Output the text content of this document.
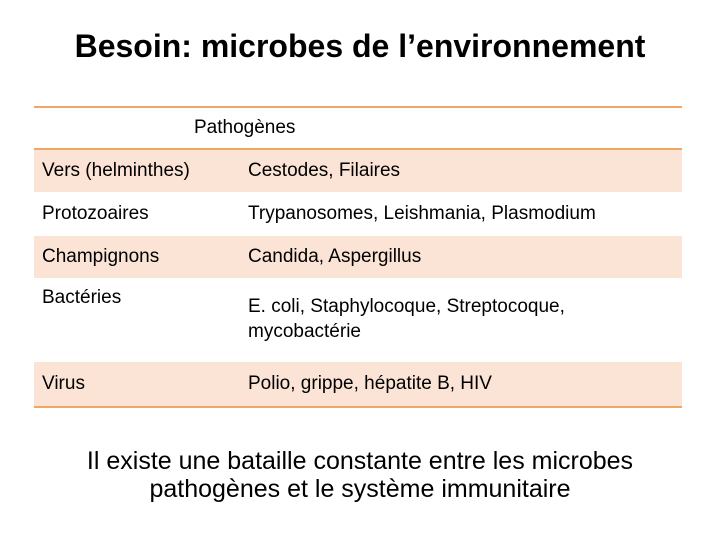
Besoin: microbes de l’environnement
Pathogènes	
Vers (helminthes)	Cestodes, Filaires
Protozoaires	Trypanosomes, Leishmania, Plasmodium
Champignons	Candida, Aspergillus
Bactéries	E. coli, Staphylocoque, Streptocoque, mycobactérie
Virus	Polio, grippe, hépatite B, HIV
Il existe une bataille constante entre les microbes
pathogènes et le système immunitaire
